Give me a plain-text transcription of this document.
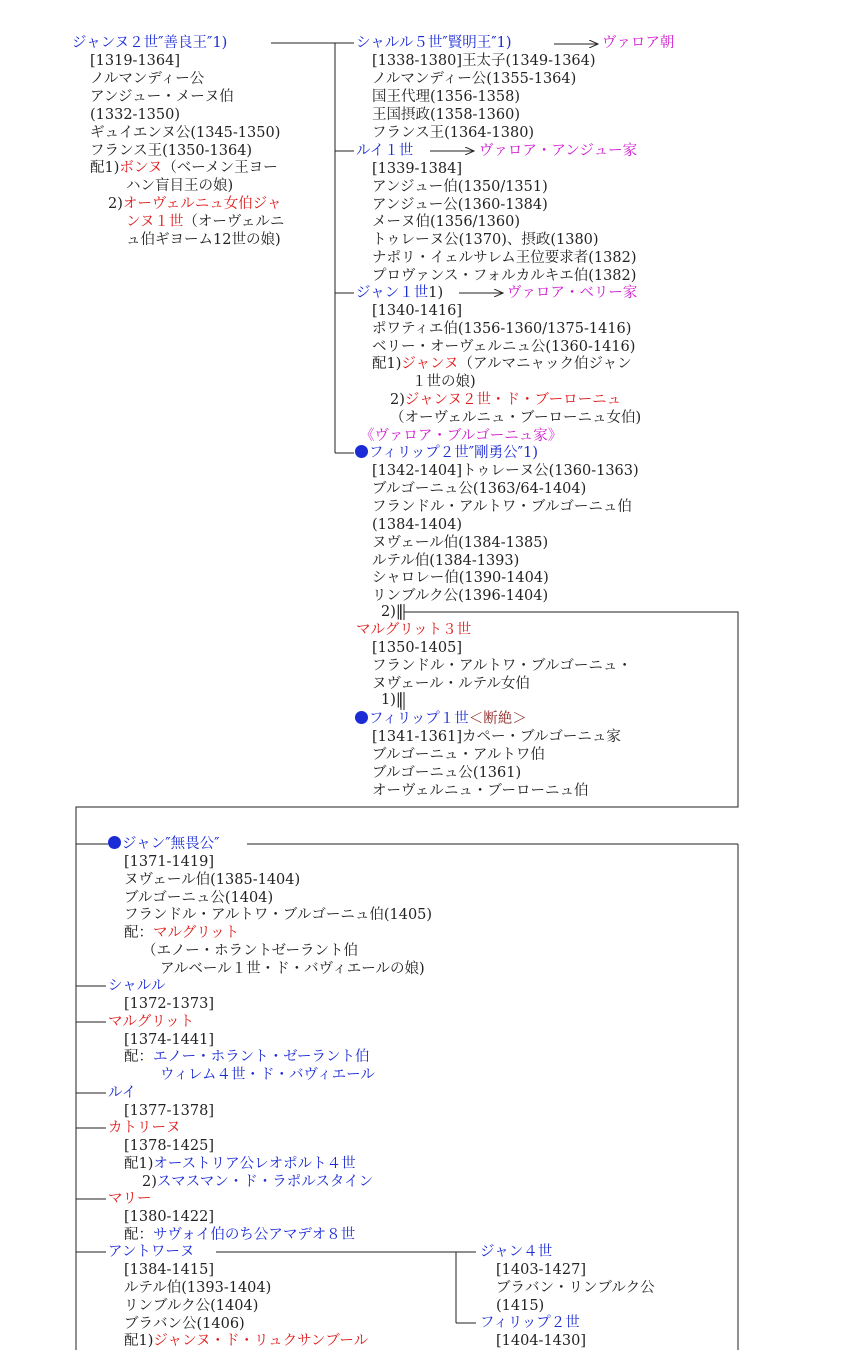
ジャンヌ２世″善良王″1)
[1319-1364]
ノルマンディー公
アンジュー・メーヌ伯
(1332-1350)
ギュイエンヌ公(1345-1350)
フランス王(1350-1364)
配1)ボンヌ（ベーメン王ヨー
ハン盲目王の娘)
2)オーヴェルニュ女伯ジャ
ンヌ１世（オーヴェルニ
ュ伯ギヨーム12世の娘)
シャルル５世″賢明王″1)	ヴァロア朝
[1338-1380]王太子(1349-1364)
ノルマンディー公(1355-1364)
国王代理(1356-1358)
王国摂政(1358-1360)
フランス王(1364-1380)
ルイ１世	ヴァロア・アンジュー家
[1339-1384]
アンジュー伯(1350/1351)
アンジュー公(1360-1384)
メーヌ伯(1356/1360)
トゥレーヌ公(1370)、摂政(1380)
ナポリ・イェルサレム王位要求者(1382)
プロヴァンス・フォルカルキエ伯(1382)
ジャン１世1)	ヴァロア・ベリー家
[1340-1416]
ポワティエ伯(1356-1360/1375-1416)
ベリー・オーヴェルニュ公(1360-1416)
配1)ジャンヌ（アルマニャック伯ジャン
１世の娘)
2)ジャンヌ２世・ド・ブーローニュ
（オーヴェルニュ・ブーローニュ女伯)
《ヴァロア・ブルゴーニュ家》
フィリップ２世″剛勇公″1)
[1342-1404]トゥレーヌ公(1360-1363)
ブルゴーニュ公(1363/64-1404)
フランドル・アルトワ・ブルゴーニュ伯
(1384-1404)
ヌヴェール伯(1384-1385)
ルテル伯(1384-1393)
シャロレー伯(1390-1404)
リンブルク公(1396-1404)
2)‖
マルグリット３世
[1350-1405]
フランドル・アルトワ・ブルゴーニュ・
ヌヴェール・ルテル女伯
1)‖
フィリップ１世＜断絶＞
[1341-1361]カペー・ブルゴーニュ家
ブルゴーニュ・アルトワ伯
ブルゴーニュ公(1361)
オーヴェルニュ・ブーローニュ伯
ジャン″無畏公″
[1371-1419]
ヌヴェール伯(1385-1404)
ブルゴーニュ公(1404)
フランドル・アルトワ・ブルゴーニュ伯(1405)
配：マルグリット
（エノー・ホラントゼーラント伯
アルベール１世・ド・バヴィエールの娘)
シャルル
[1372-1373]
マルグリット
[1374-1441]
配：エノー・ホラント・ゼーラント伯
ウィレム４世・ド・バヴィエール
ルイ
[1377-1378]
カトリーヌ
[1378-1425]
配1)オーストリア公レオポルト４世
2)スマスマン・ド・ラポルスタイン
マリー
[1380-1422]
配：サヴォイ伯のち公アマデオ８世
アントワーヌ
[1384-1415]
ルテル伯(1393-1404)
リンブルク公(1404)
ブラバン公(1406)
配1)ジャンヌ・ド・リュクサンブール
ジャン４世
[1403-1427]
ブラバン・リンブルク公
(1415)
フィリップ２世
[1404-1430]
